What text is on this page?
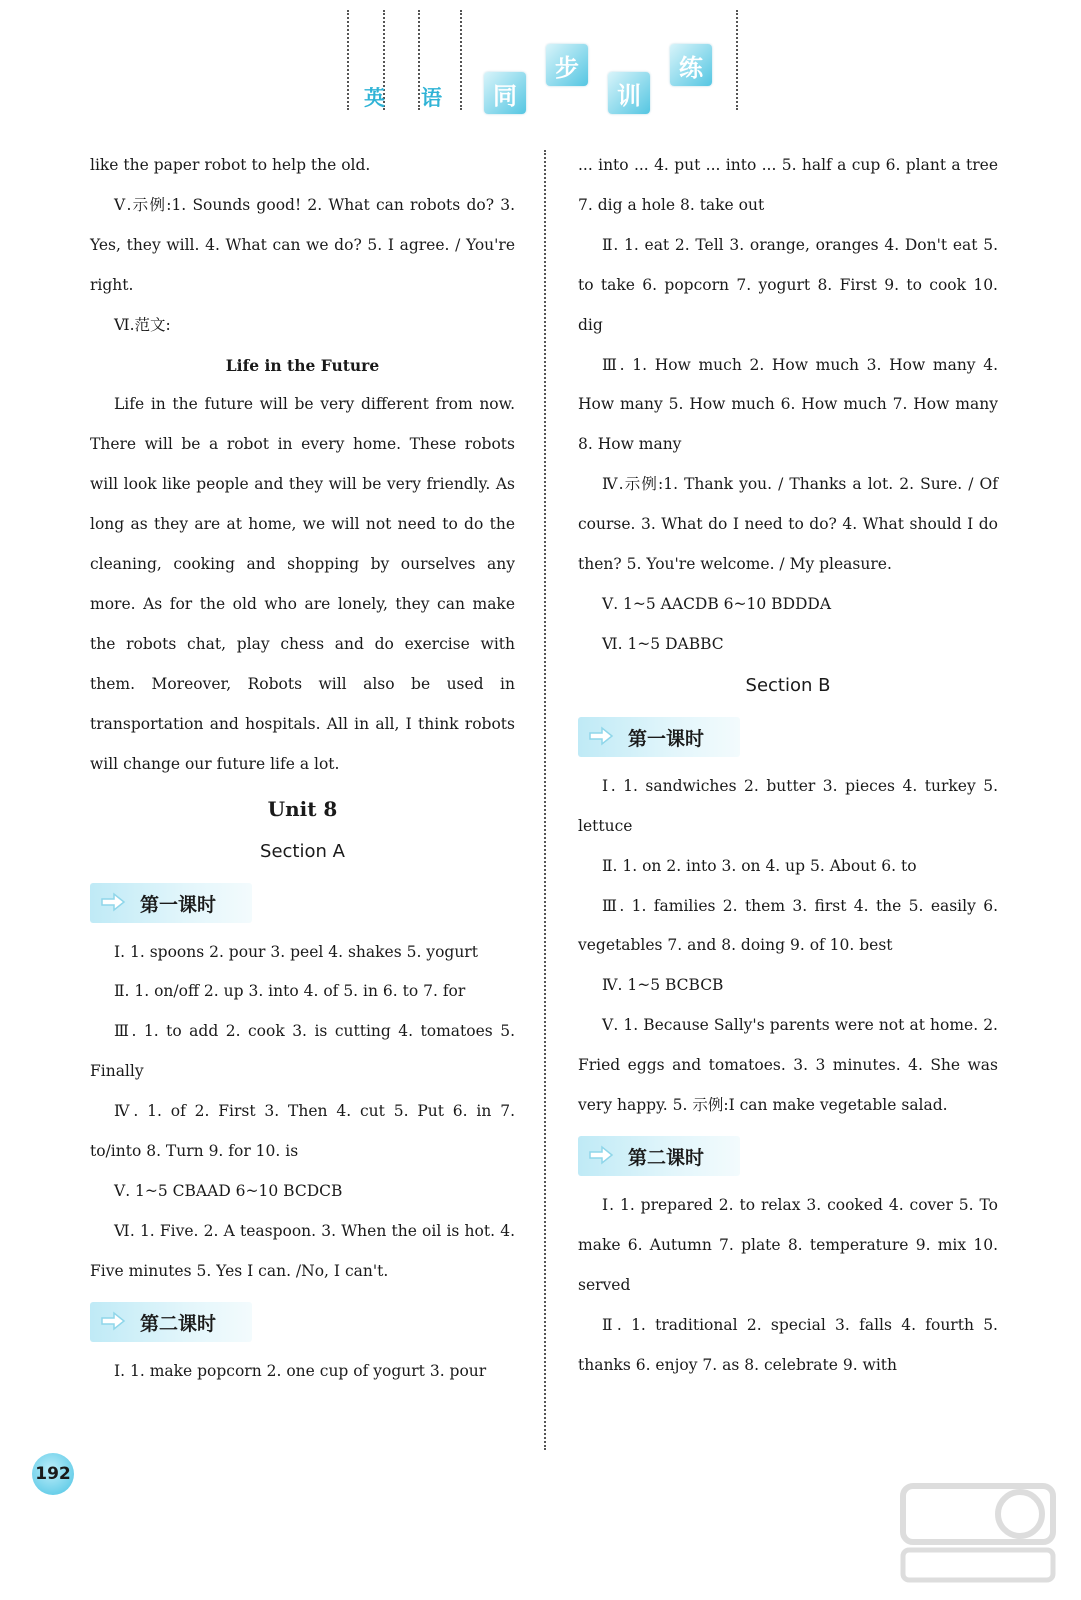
英 语	同
步
训
练

like the paper robot to help the old.

Ⅴ.示例:1. Sounds good! 2. What can robots do? 3. Yes, they will. 4. What can we do? 5. I agree. / You're right.

Ⅵ.范文:

Life in the Future

Life in the future will be very different from now. There will be a robot in every home. These robots will look like people and they will be very friendly. As long as they are at home, we will not need to do the cleaning, cooking and shopping by ourselves any more. As for the old who are lonely, they can make the robots chat, play chess and do exercise with them. Moreover, Robots will also be used in transportation and hospitals. All in all, I think robots will change our future life a lot.

Unit 8
Section A
第一课时

Ⅰ. 1. spoons 2. pour 3. peel 4. shakes 5. yogurt

Ⅱ. 1. on/off 2. up 3. into 4. of 5. in 6. to 7. for

Ⅲ. 1. to add 2. cook 3. is cutting 4. tomatoes 5. Finally

Ⅳ. 1. of 2. First 3. Then 4. cut 5. Put 6. in 7. to/into 8. Turn 9. for 10. is

Ⅴ. 1~5 CBAAD 6~10 BCDCB

Ⅵ. 1. Five. 2. A teaspoon. 3. When the oil is hot. 4. Five minutes 5. Yes I can. /No, I can't.

第二课时

Ⅰ. 1. make popcorn 2. one cup of yogurt 3. pour

... into ... 4. put ... into ... 5. half a cup 6. plant a tree 7. dig a hole 8. take out

Ⅱ. 1. eat 2. Tell 3. orange, oranges 4. Don't eat 5. to take 6. popcorn 7. yogurt 8. First 9. to cook 10. dig

Ⅲ. 1. How much 2. How much 3. How many 4. How many 5. How much 6. How much 7. How many 8. How many

Ⅳ.示例:1. Thank you. / Thanks a lot. 2. Sure. / Of course. 3. What do I need to do? 4. What should I do then? 5. You're welcome. / My pleasure.

Ⅴ. 1~5 AACDB 6~10 BDDDA

Ⅵ. 1~5 DABBC

Section B
第一课时

Ⅰ. 1. sandwiches 2. butter 3. pieces 4. turkey 5. lettuce

Ⅱ. 1. on 2. into 3. on 4. up 5. About 6. to

Ⅲ. 1. families 2. them 3. first 4. the 5. easily 6. vegetables 7. and 8. doing 9. of 10. best

Ⅳ. 1~5 BCBCB

Ⅴ. 1. Because Sally's parents were not at home. 2. Fried eggs and tomatoes. 3. 3 minutes. 4. She was very happy. 5. 示例:I can make vegetable salad.

第二课时

Ⅰ. 1. prepared 2. to relax 3. cooked 4. cover 5. To make 6. Autumn 7. plate 8. temperature 9. mix 10. served

Ⅱ. 1. traditional 2. special 3. falls 4. fourth 5. thanks 6. enjoy 7. as 8. celebrate 9. with

192
